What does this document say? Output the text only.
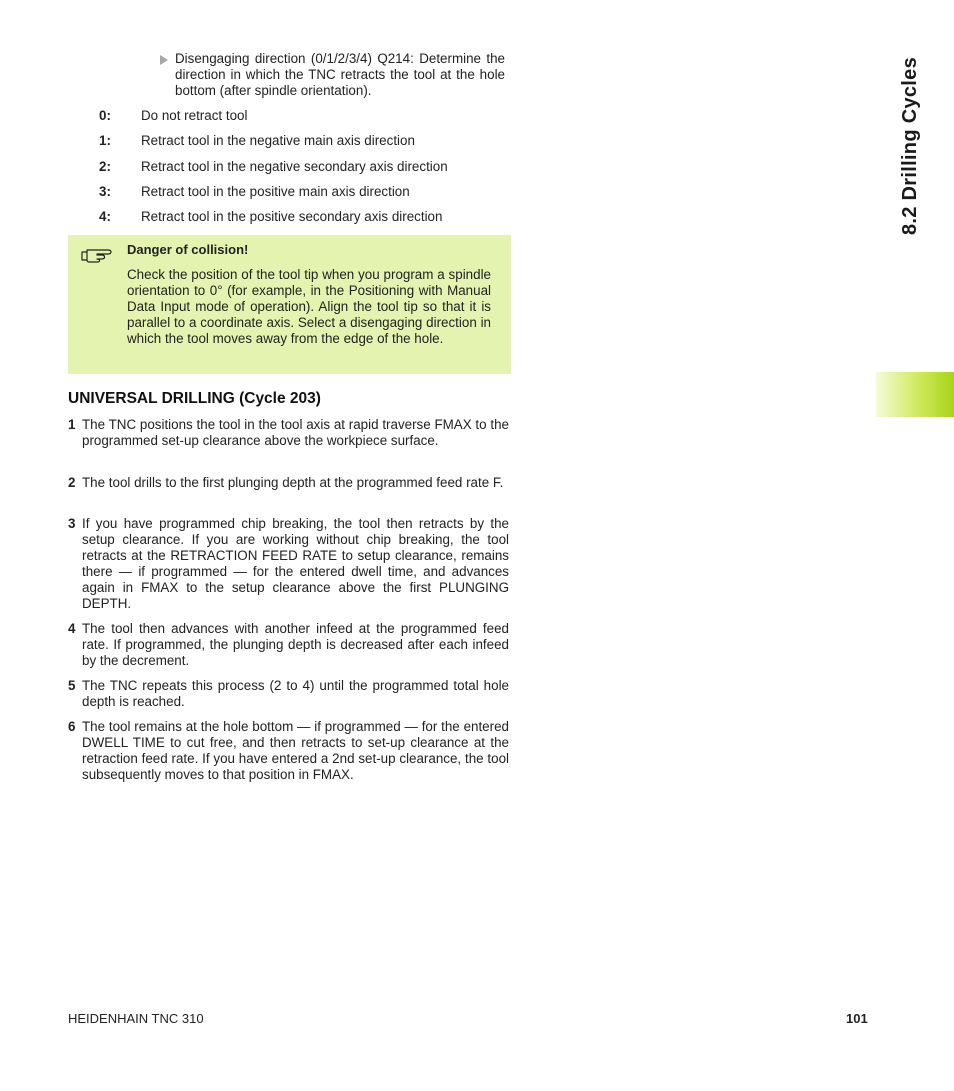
Disengaging direction (0/1/2/3/4) Q214: Determine the direction in which the TNC retracts the tool at the hole bottom (after spindle orientation).
0: Do not retract tool
1: Retract tool in the negative main axis direction
2: Retract tool in the negative secondary axis direction
3: Retract tool in the positive main axis direction
4: Retract tool in the positive secondary axis direction
Danger of collision!
Check the position of the tool tip when you program a spindle orientation to 0° (for example, in the Positioning with Manual Data Input mode of operation). Align the tool tip so that it is parallel to a coordinate axis. Select a disengaging direction in which the tool moves away from the edge of the hole.
UNIVERSAL DRILLING (Cycle 203)
1 The TNC positions the tool in the tool axis at rapid traverse FMAX to the programmed set-up clearance above the workpiece surface.
2 The tool drills to the first plunging depth at the programmed feed rate F.
3 If you have programmed chip breaking, the tool then retracts by the setup clearance. If you are working without chip breaking, the tool retracts at the RETRACTION FEED RATE to setup clearance, remains there — if programmed — for the entered dwell time, and advances again in FMAX to the setup clearance above the first PLUNGING DEPTH.
4 The tool then advances with another infeed at the programmed feed rate. If programmed, the plunging depth is decreased after each infeed by the decrement.
5 The TNC repeats this process (2 to 4) until the programmed total hole depth is reached.
6 The tool remains at the hole bottom — if programmed — for the entered DWELL TIME to cut free, and then retracts to set-up clearance at the retraction feed rate. If you have entered a 2nd set-up clearance, the tool subsequently moves to that position in FMAX.
8.2 Drilling Cycles
HEIDENHAIN TNC 310	101
